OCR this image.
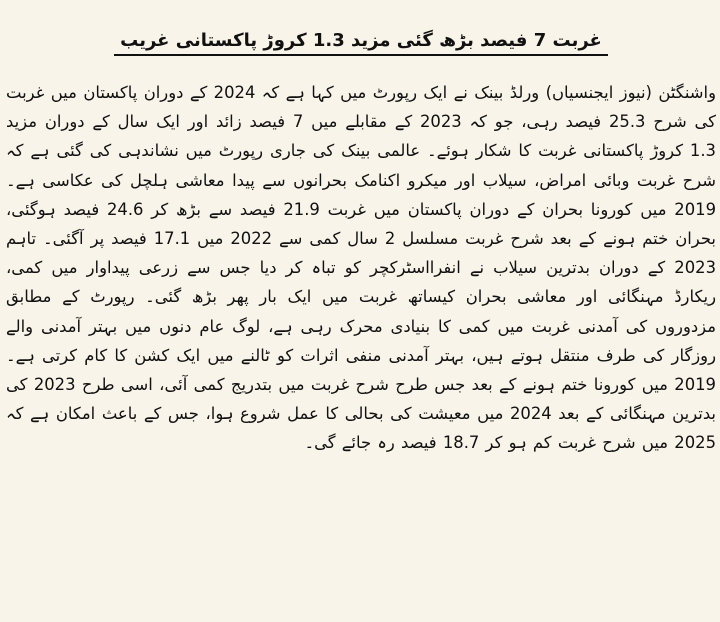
غربت 7 فیصد بڑھ گئی مزید 1.3 کروڑ پاکستانی غریب

واشنگٹن (نیوز ایجنسیاں) ورلڈ بینک نے ایک رپورٹ میں کہا ہے کہ 2024 کے دوران پاکستان میں غربت کی شرح 25.3 فیصد رہی، جو کہ 2023 کے مقابلے میں 7 فیصد زائد اور ایک سال کے دوران مزید 1.3 کروڑ پاکستانی غربت کا شکار ہوئے۔ عالمی بینک کی جاری رپورٹ میں نشاندہی کی گئی ہے کہ شرح غربت وبائی امراض، سیلاب اور میکرو اکنامک بحرانوں سے پیدا معاشی ہلچل کی عکاسی ہے۔ 2019 میں کورونا بحران کے دوران پاکستان میں غربت 21.9 فیصد سے بڑھ کر 24.6 فیصد ہوگئی، بحران ختم ہونے کے بعد شرح غربت مسلسل 2 سال کمی سے 2022 میں 17.1 فیصد پر آگئی۔ تاہم 2023 کے دوران بدترین سیلاب نے انفرااسٹرکچر کو تباہ کر دیا جس سے زرعی پیداوار میں کمی، ریکارڈ مہنگائی اور معاشی بحران کیساتھ غربت میں ایک بار پھر بڑھ گئی۔ رپورٹ کے مطابق مزدوروں کی آمدنی غربت میں کمی کا بنیادی محرک رہی ہے، لوگ عام دنوں میں بہتر آمدنی والے روزگار کی طرف منتقل ہوتے ہیں، بہتر آمدنی منفی اثرات کو ٹالنے میں ایک کشن کا کام کرتی ہے۔ 2019 میں کورونا ختم ہونے کے بعد جس طرح شرح غربت میں بتدریج کمی آئی، اسی طرح 2023 کی بدترین مہنگائی کے بعد 2024 میں معیشت کی بحالی کا عمل شروع ہوا، جس کے باعث امکان ہے کہ 2025 میں شرح غربت کم ہو کر 18.7 فیصد رہ جائے گی۔
